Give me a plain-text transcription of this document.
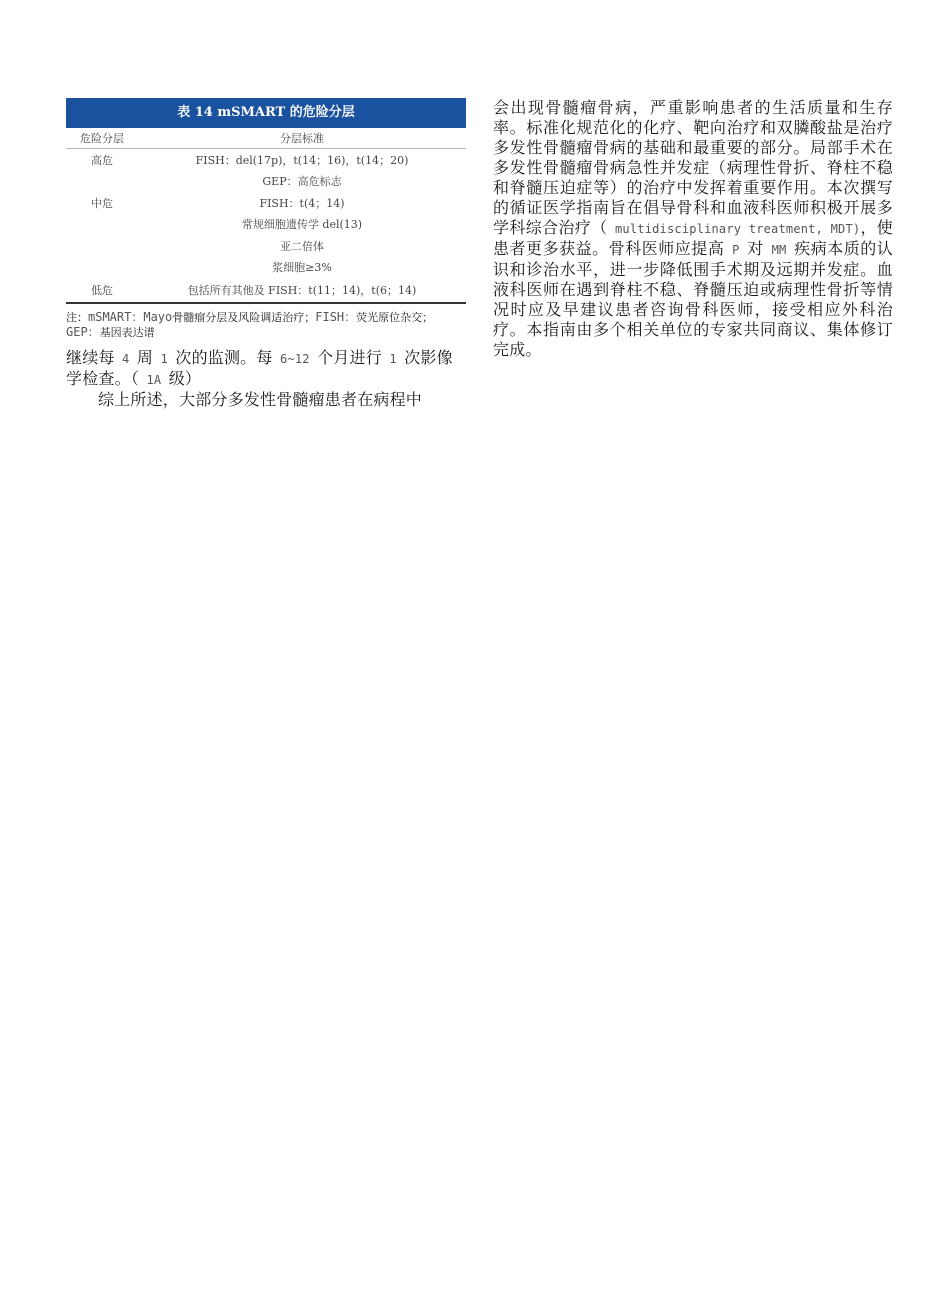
表 14 mSMART 的危险分层
危险分层	分层标准
高危	FISH：del(17p)，t(14；16)，t(14；20)
	GEP：高危标志
中危	FISH：t(4；14)
	常规细胞遗传学 del(13)
	亚二倍体
	浆细胞≥3%
低危	包括所有其他及 FISH：t(11；14)，t(6；14)
注：mSMART：Mayo骨髓瘤分层及风险调适治疗；FISH：荧光原位杂交；GEP：基因表达谱

继续每 4 周 1 次的监测。每 6~12 个月进行 1 次影像学检查。（ 1A 级）

综上所述，大部分多发性骨髓瘤患者在病程中

会出现骨髓瘤骨病，严重影响患者的生活质量和生存率。标准化规范化的化疗、靶向治疗和双膦酸盐是治疗多发性骨髓瘤骨病的基础和最重要的部分。局部手术在多发性骨髓瘤骨病急性并发症（病理性骨折、脊柱不稳和脊髓压迫症等）的治疗中发挥着重要作用。本次撰写的循证医学指南旨在倡导骨科和血液科医师积极开展多学科综合治疗（ multidisciplinary treatment, MDT)，使患者更多获益。骨科医师应提高 P 对 MM 疾病本质的认识和诊治水平，进一步降低围手术期及远期并发症。血液科医师在遇到脊柱不稳、脊髓压迫或病理性骨折等情况时应及早建议患者咨询骨科医师，接受相应外科治疗。本指南由多个相关单位的专家共同商议、集体修订完成。
